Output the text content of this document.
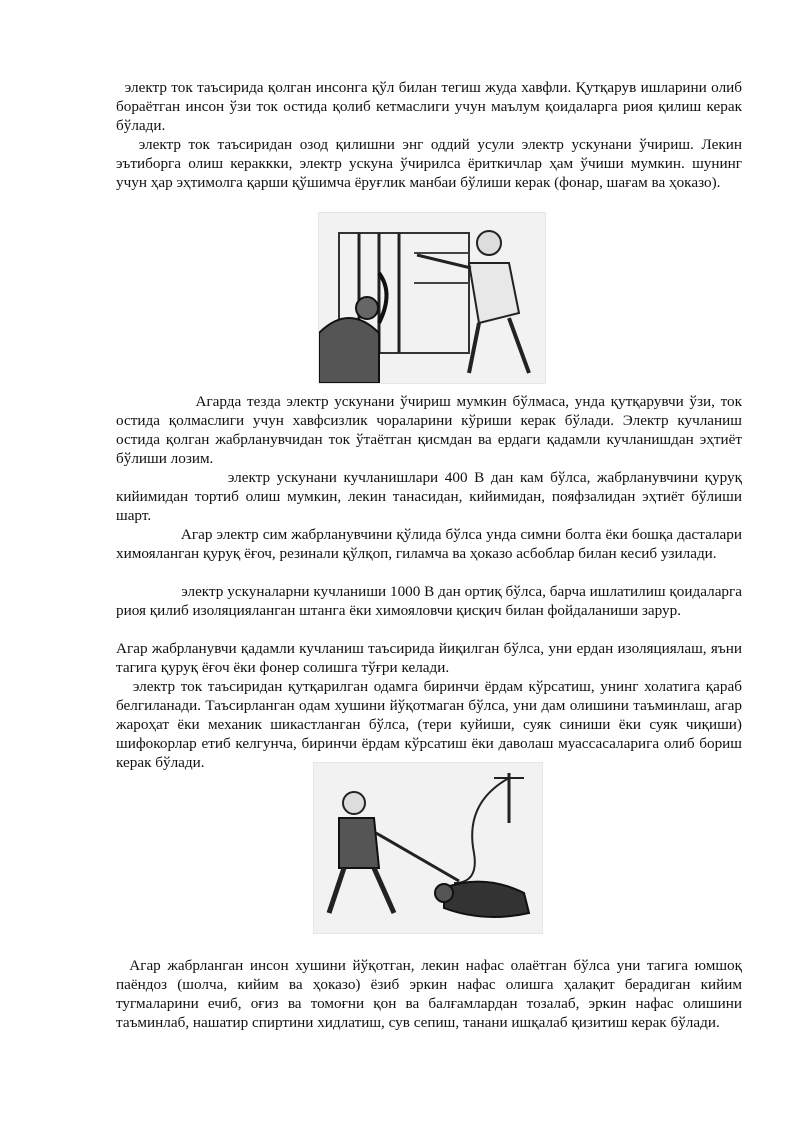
электр ток таъсирида қолган инсонга қўл билан тегиш жуда хавфли. Қутқарув ишларини олиб бораётган инсон ўзи ток остида қолиб кетмаслиги учун маълум қоидаларга риоя қилиш керак бўлади.

электр ток таъсиридан озод қилишни энг оддий усули электр ускунани ўчириш. Лекин эътиборга олиш кераккки, электр ускуна ўчирилса ёриткичлар ҳам ўчиши мумкин. шунинг учун ҳар эҳтимолга қарши қўшимча ёруғлик манбаи бўлиши керак (фонар, шағам ва ҳоказо).

Агарда тезда электр ускунани ўчириш мумкин бўлмаса, унда қутқарувчи ўзи, ток остида қолмаслиги учун хавфсизлик чораларини кўриши керак бўлади. Электр кучланиш остида қолган жабрланувчидан ток ўтаётган қисмдан ва ердаги қадамли кучланишдан эҳтиёт бўлиши лозим.

электр ускунани кучланишлари 400 В дан кам бўлса, жабрланувчини қуруқ кийимидан тортиб олиш мумкин, лекин танасидан, кийимидан, пояфзалидан эҳтиёт бўлиши шарт.

Агар электр сим жабрланувчини қўлида бўлса унда симни болта ёки бошқа дасталари химояланган қуруқ ёғоч, резинали қўлқоп, гиламча ва ҳоказо асбоблар билан кесиб узилади.

электр ускуналарни кучланиши 1000 В дан ортиқ бўлса, барча ишлатилиш қоидаларга риоя қилиб изоляцияланган штанга ёки химояловчи қисқич билан фойдаланиши зарур.

Агар жабрланувчи қадамли кучланиш таъсирида йиқилган бўлса, уни ердан изоляциялаш, яъни тагига қуруқ ёғоч ёки фонер солишга тўғри келади.

электр ток таъсиридан қутқарилган одамга биринчи ёрдам кўрсатиш, унинг холатига қараб белгиланади. Таъсирланган одам хушини йўқотмаган бўлса, уни дам олишини таъминлаш, агар жароҳат ёки механик шикастланган бўлса, (тери куйиши, суяк синиши ёки суяк чиқиши) шифокорлар етиб келгунча, биринчи ёрдам кўрсатиш ёки даволаш муассасаларига олиб бориш керак бўлади.

Агар жабрланган инсон хушини йўқотган, лекин нафас олаётган бўлса уни тагига юмшоқ паёндоз (шолча, кийим ва ҳоказо) ёзиб эркин нафас олишга ҳалақит берадиган кийим тугмаларини ечиб, оғиз ва томоғни қон ва балғамлардан тозалаб, эркин нафас олишини таъминлаб, нашатир спиртини хидлатиш, сув сепиш, танани ишқалаб қизитиш керак бўлади.
